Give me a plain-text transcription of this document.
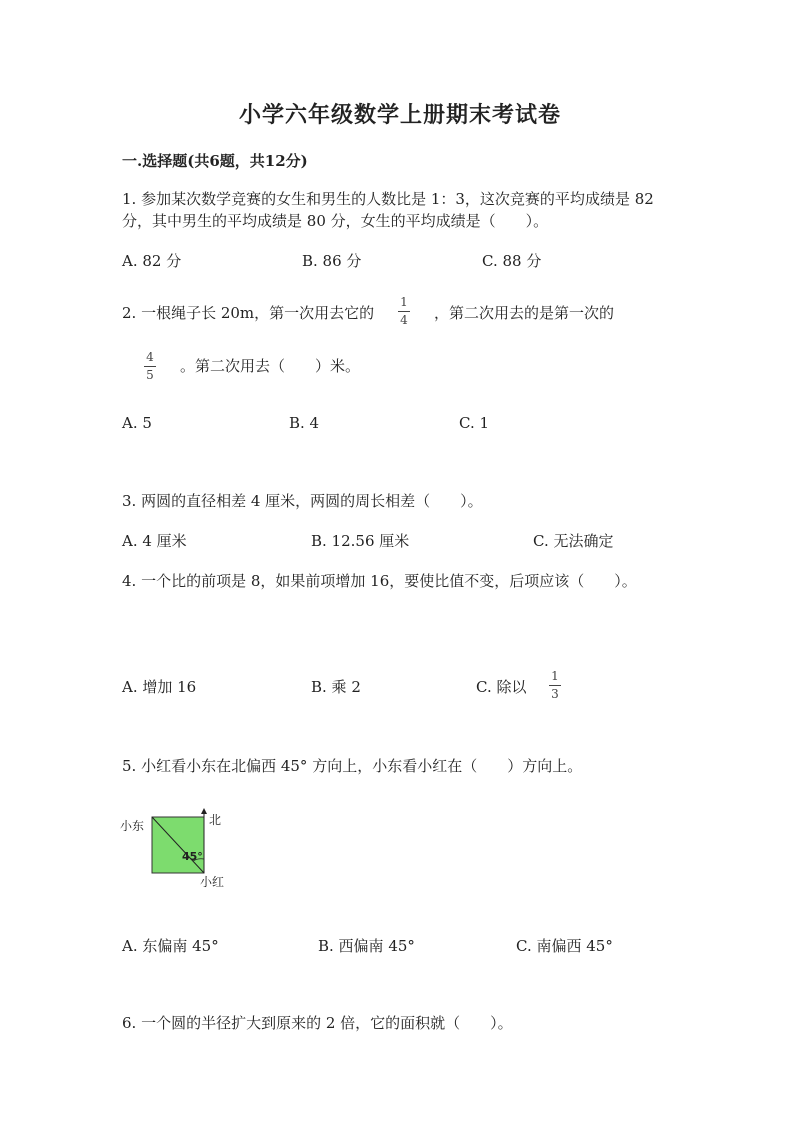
小学六年级数学上册期末考试卷
一.选择题(共6题，共12分)
1. 参加某次数学竞赛的女生和男生的人数比是 1：3，这次竞赛的平均成绩是 82
分，其中男生的平均成绩是 80 分，女生的平均成绩是（　　）。
A. 82 分	B. 86 分	C. 88 分
2. 一根绳子长 20m，第一次用去它的
1
4 ，第二次用去的是第一次的
4
5 。第二次用去（　　）米。
A. 5	B. 4	C. 1
3. 两圆的直径相差 4 厘米，两圆的周长相差（　　）。
A. 4 厘米	B. 12.56 厘米	C. 无法确定
4. 一个比的前项是 8，如果前项增加 16，要使比值不变，后项应该（　　）。
A. 增加 16	B. 乘 2	C. 除以
1
3
5. 小红看小东在北偏西 45° 方向上，小东看小红在（　　）方向上。
小东	北
45°
小红
A. 东偏南 45°	B. 西偏南 45°	C. 南偏西 45°
6. 一个圆的半径扩大到原来的 2 倍，它的面积就（　　）。
